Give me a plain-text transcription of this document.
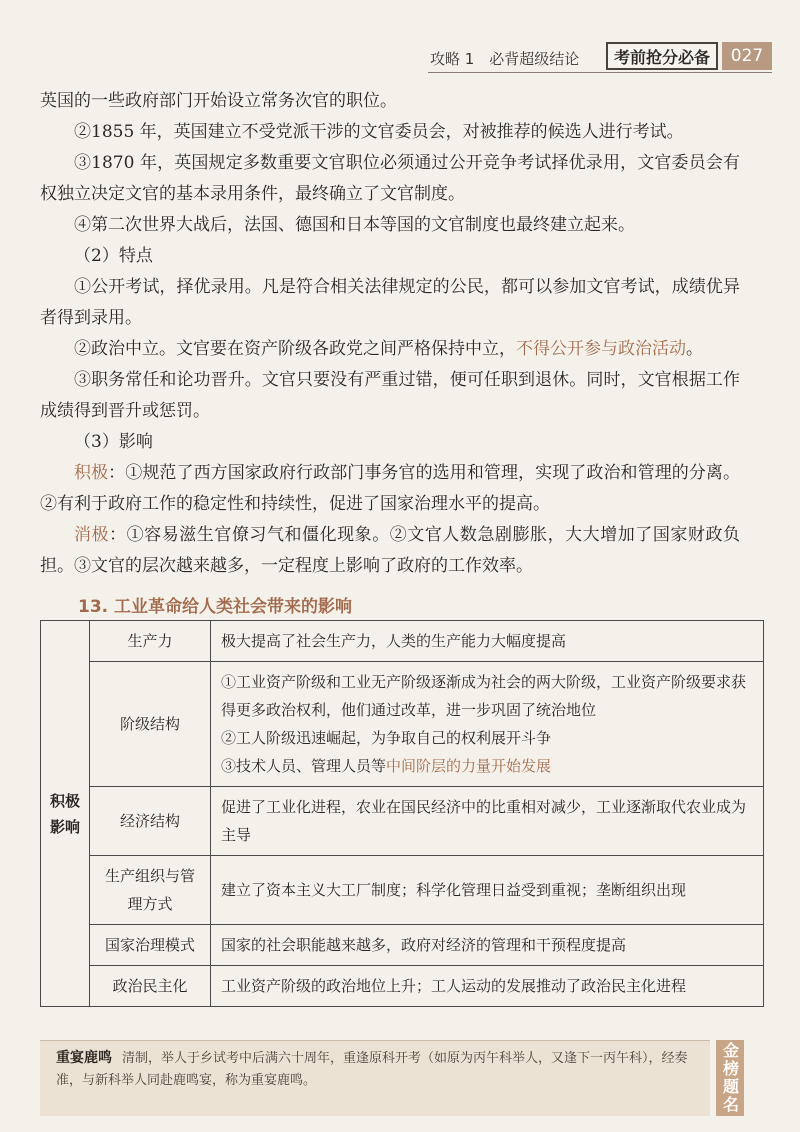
攻略 1　必背超级结论	考前抢分必备	027

英国的一些政府部门开始设立常务次官的职位。

②1855 年，英国建立不受党派干涉的文官委员会，对被推荐的候选人进行考试。

③1870 年，英国规定多数重要文官职位必须通过公开竞争考试择优录用，文官委员会有权独立决定文官的基本录用条件，最终确立了文官制度。

④第二次世界大战后，法国、德国和日本等国的文官制度也最终建立起来。

（2）特点

①公开考试，择优录用。凡是符合相关法律规定的公民，都可以参加文官考试，成绩优异者得到录用。

②政治中立。文官要在资产阶级各政党之间严格保持中立，不得公开参与政治活动。

③职务常任和论功晋升。文官只要没有严重过错，便可任职到退休。同时，文官根据工作成绩得到晋升或惩罚。

（3）影响

积极：①规范了西方国家政府行政部门事务官的选用和管理，实现了政治和管理的分离。②有利于政府工作的稳定性和持续性，促进了国家治理水平的提高。

消极：①容易滋生官僚习气和僵化现象。②文官人数急剧膨胀，大大增加了国家财政负担。③文官的层次越来越多，一定程度上影响了政府的工作效率。

13. 工业革命给人类社会带来的影响
积极影响	生产力	极大提高了社会生产力，人类的生产能力大幅度提高
	阶级结构	①工业资产阶级和工业无产阶级逐渐成为社会的两大阶级，工业资产阶级要求获得更多政治权利，他们通过改革，进一步巩固了统治地位
②工人阶级迅速崛起，为争取自己的权利展开斗争
③技术人员、管理人员等中间阶层的力量开始发展

	经济结构	促进了工业化进程，农业在国民经济中的比重相对减少，工业逐渐取代农业成为主导
	生产组织与管理方式	建立了资本主义大工厂制度；科学化管理日益受到重视；垄断组织出现
	国家治理模式	国家的社会职能越来越多，政府对经济的管理和干预程度提高
	政治民主化	工业资产阶级的政治地位上升；工人运动的发展推动了政治民主化进程
重宴鹿鸣 清制，举人于乡试考中后满六十周年，重逢原科开考（如原为丙午科举人，又逢下一丙午科），经奏准，与新科举人同赴鹿鸣宴，称为重宴鹿鸣。	金榜题名
